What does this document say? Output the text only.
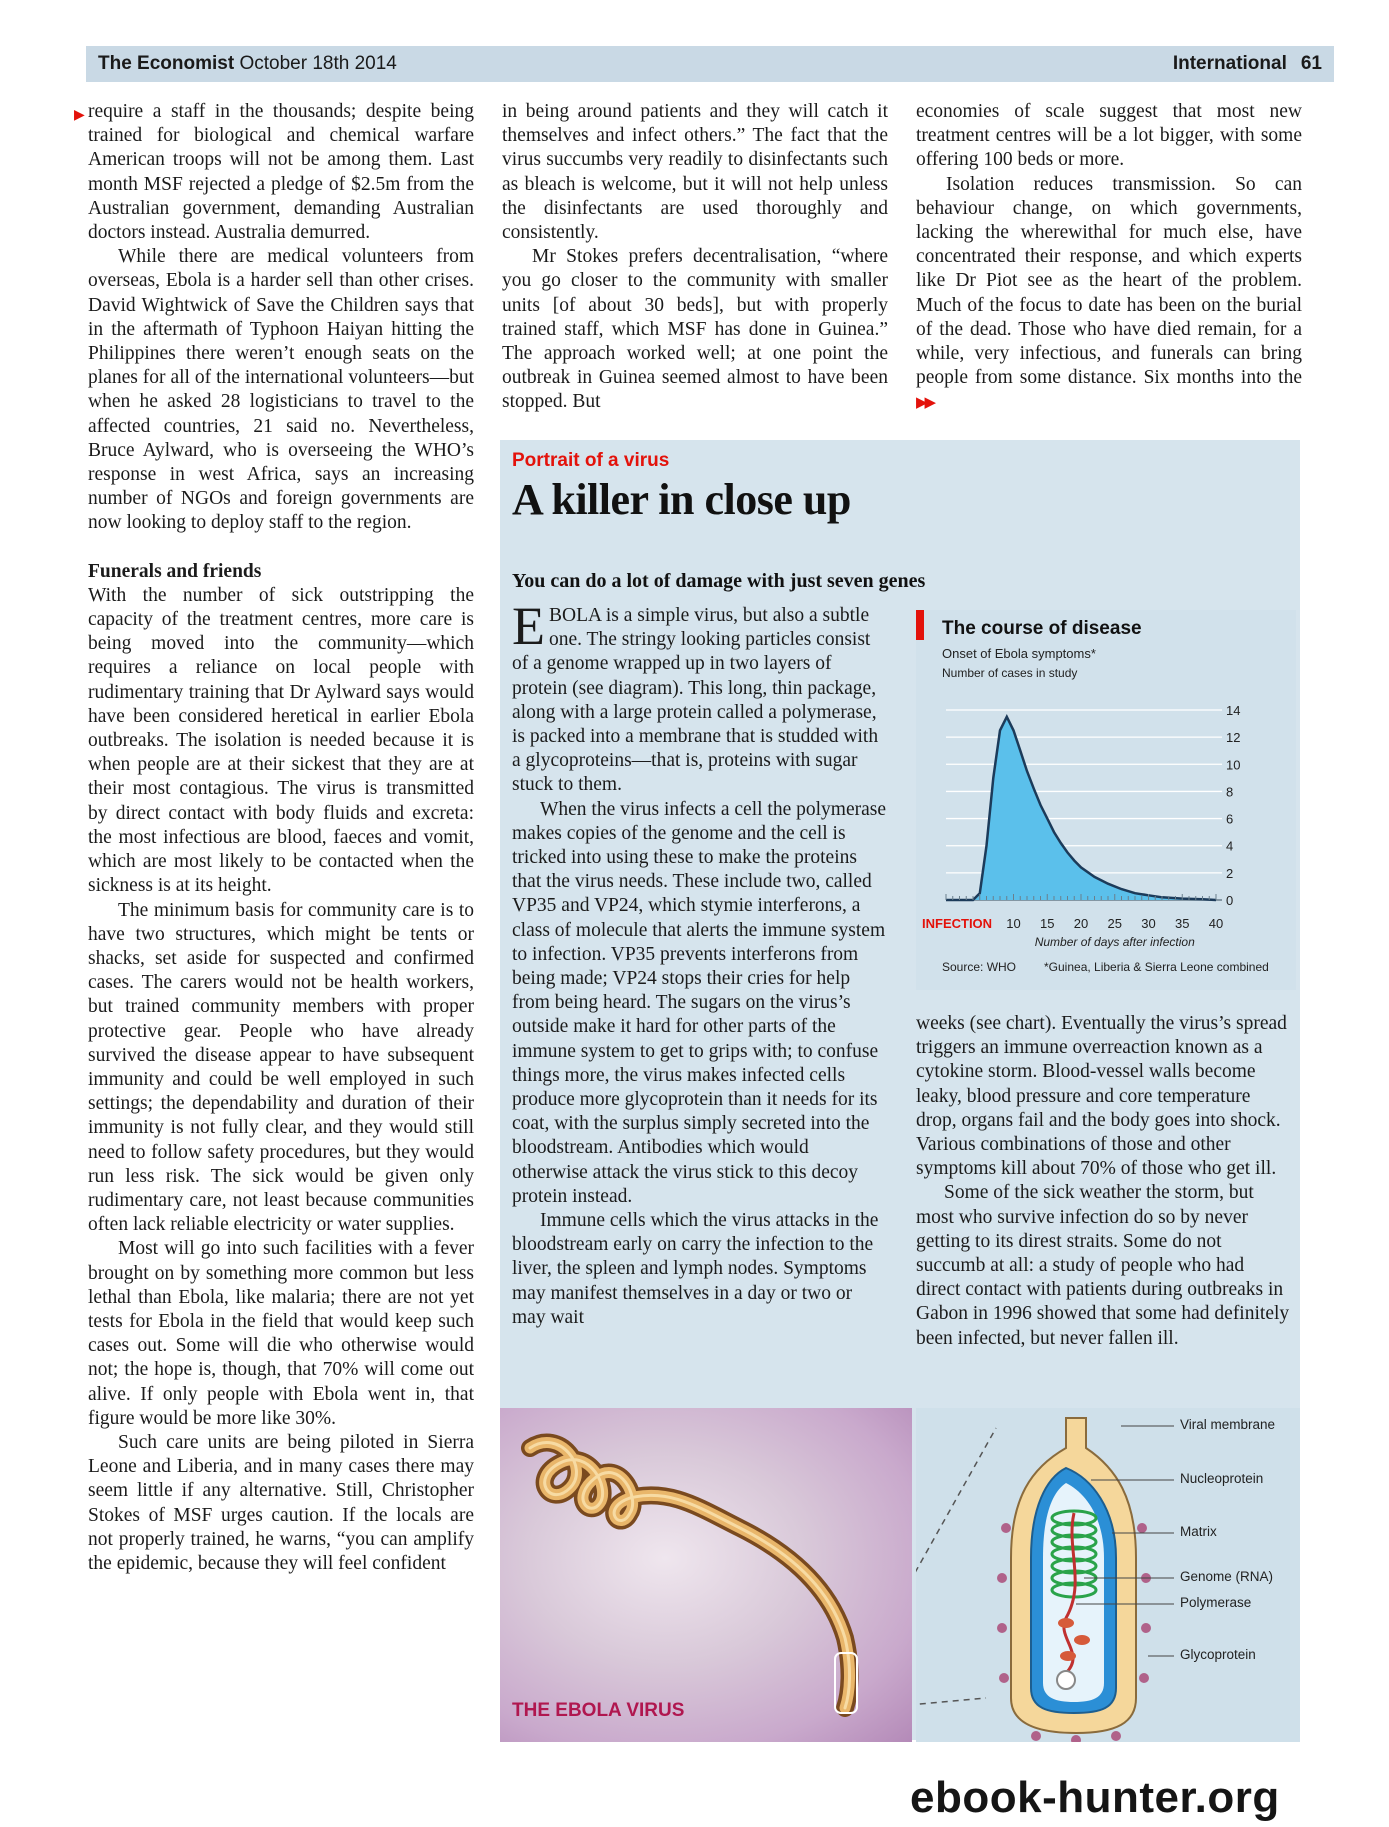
The Economist October 18th 2014	International 61
▶ require a staff in the thousands; despite being trained for biological and chemical warfare American troops will not be among them. Last month MSF rejected a pledge of $2.5m from the Australian government, demanding Australian doctors instead. Australia demurred.

While there are medical volunteers from overseas, Ebola is a harder sell than other crises. David Wightwick of Save the Children says that in the aftermath of Typhoon Haiyan hitting the Philippines there weren’t enough seats on the planes for all of the international volunteers—but when he asked 28 logisticians to travel to the affected countries, 21 said no. Nevertheless, Bruce Aylward, who is overseeing the WHO’s response in west Africa, says an increasing number of NGOs and foreign governments are now looking to deploy staff to the region.

Funerals and friends

With the number of sick outstripping the capacity of the treatment centres, more care is being moved into the community—which requires a reliance on local people with rudimentary training that Dr Aylward says would have been considered heretical in earlier Ebola outbreaks. The isolation is needed because it is when people are at their sickest that they are at their most contagious. The virus is transmitted by direct contact with body fluids and excreta: the most infectious are blood, faeces and vomit, which are most likely to be contacted when the sickness is at its height.

The minimum basis for community care is to have two structures, which might be tents or shacks, set aside for suspected and confirmed cases. The carers would not be health workers, but trained community members with proper protective gear. People who have already survived the disease appear to have subsequent immunity and could be well employed in such settings; the dependability and duration of their immunity is not fully clear, and they would still need to follow safety procedures, but they would run less risk. The sick would be given only rudimentary care, not least because communities often lack reliable electricity or water supplies.

Most will go into such facilities with a fever brought on by something more common but less lethal than Ebola, like malaria; there are not yet tests for Ebola in the field that would keep such cases out. Some will die who otherwise would not; the hope is, though, that 70% will come out alive. If only people with Ebola went in, that figure would be more like 30%.

Such care units are being piloted in Sierra Leone and Liberia, and in many cases there may seem little if any alternative. Still, Christopher Stokes of MSF urges caution. If the locals are not properly trained, he warns, “you can amplify the epidemic, because they will feel confident

in being around patients and they will catch it themselves and infect others.” The fact that the virus succumbs very readily to disinfectants such as bleach is welcome, but it will not help unless the disinfectants are used thoroughly and consistently.

Mr Stokes prefers decentralisation, “where you go closer to the community with smaller units [of about 30 beds], but with properly trained staff, which MSF has done in Guinea.” The approach worked well; at one point the outbreak in Guinea seemed almost to have been stopped. But

economies of scale suggest that most new treatment centres will be a lot bigger, with some offering 100 beds or more.

Isolation reduces transmission. So can behaviour change, on which governments, lacking the wherewithal for much else, have concentrated their response, and which experts like Dr Piot see as the heart of the problem. Much of the focus to date has been on the burial of the dead. Those who have died remain, for a while, very infectious, and funerals can bring people from some distance. Six months into the ▶▶

Portrait of a virus
A killer in close up
You can do a lot of damage with just seven genes

EBOLA is a simple virus, but also a subtle one. The stringy looking particles consist of a genome wrapped up in two layers of protein (see diagram). This long, thin package, along with a large protein called a polymerase, is packed into a membrane that is studded with a glycoproteins—that is, proteins with sugar stuck to them.

When the virus infects a cell the polymerase makes copies of the genome and the cell is tricked into using these to make the proteins that the virus needs. These include two, called VP35 and VP24, which stymie interferons, a class of molecule that alerts the immune system to infection. VP35 prevents interferons from being made; VP24 stops their cries for help from being heard. The sugars on the virus’s outside make it hard for other parts of the immune system to get to grips with; to confuse things more, the virus makes infected cells produce more glycoprotein than it needs for its coat, with the surplus simply secreted into the bloodstream. Antibodies which would otherwise attack the virus stick to this decoy protein instead.

Immune cells which the virus attacks in the bloodstream early on carry the infection to the liver, the spleen and lymph nodes. Symptoms may manifest themselves in a day or two or may wait

The course of disease
Onset of Ebola symptoms*
Number of cases in study
0
2
4
6
8
10
12
14
INFECTION 10 15 20 25 30 35 40
Number of days after infection
Source: WHO *Guinea, Liberia & Sierra Leone combined

weeks (see chart). Eventually the virus’s spread triggers an immune overreaction known as a cytokine storm. Blood-vessel walls become leaky, blood pressure and core temperature drop, organs fail and the body goes into shock. Various combinations of those and other symptoms kill about 70% of those who get ill.

Some of the sick weather the storm, but most who survive infection do so by never getting to its direst straits. Some do not succumb at all: a study of people who had direct contact with patients during outbreaks in Gabon in 1996 showed that some had definitely been infected, but never fallen ill.

THE EBOLA VIRUS
Viral membrane
Nucleoprotein
Matrix
Genome (RNA)
Polymerase
Glycoprotein
ebook-hunter.org
